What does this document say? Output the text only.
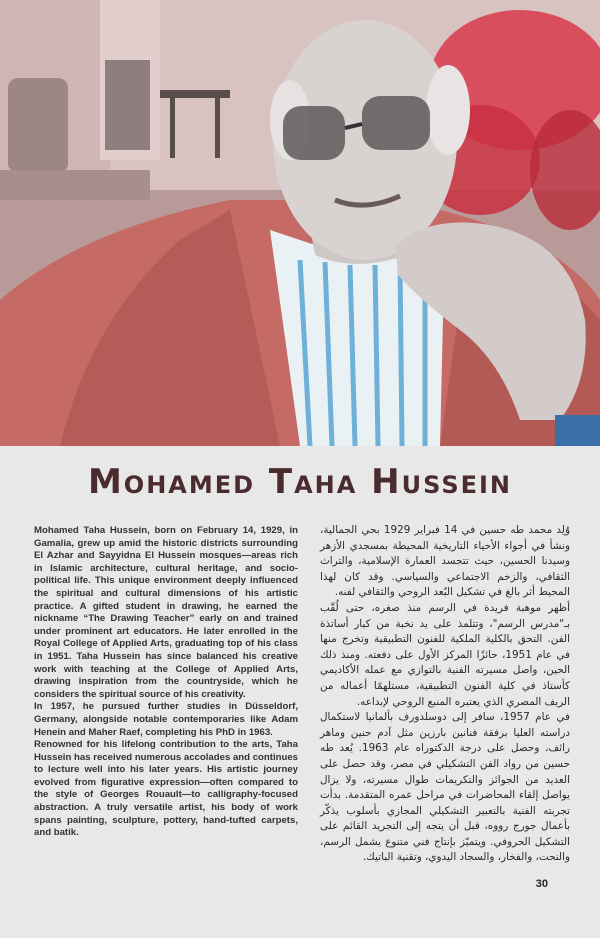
Mohamed Taha Hussein

Mohamed Taha Hussein, born on February 14, 1929, in Gamalia, grew up amid the historic districts surrounding El Azhar and Sayyidna El Hussein mosques—areas rich in Islamic architecture, cultural heritage, and socio-political life. This unique environment deeply influenced the spiritual and cultural dimensions of his artistic practice. A gifted student in drawing, he earned the nickname “The Drawing Teacher” early on and trained under prominent art educators. He later enrolled in the Royal College of Applied Arts, graduating top of his class in 1951. Taha Hussein has since balanced his creative work with teaching at the College of Applied Arts, drawing inspiration from the countryside, which he considers the spiritual source of his creativity.

In 1957, he pursued further studies in Düsseldorf, Germany, alongside notable contemporaries like Adam Henein and Maher Raef, completing his PhD in 1963.

Renowned for his lifelong contribution to the arts, Taha Hussein has received numerous accolades and continues to lecture well into his later years. His artistic journey evolved from figurative expression—often compared to the style of Georges Rouault—to calligraphy-focused abstraction. A truly versatile artist, his body of work spans painting, sculpture, pottery, hand-tufted carpets, and batik.

وُلِد محمد طه حسين في 14 فبراير 1929 بحي الجمالية، ونشأ في أجواء الأحياء التاريخية المحيطة بمسجدي الأزهر وسيدنا الحسين، حيث تتجسد العمارة الإسلامية، والتراث الثقافي، والزخم الاجتماعي والسياسي. وقد كان لهذا المحيط أثر بالغ في تشكيل البُعد الروحي والثقافي لفنه.

أظهر موهبة فريدة في الرسم منذ صغره، حتى لُقّب بـ"مدرس الرسم"، وتتلمذ على يد نخبة من كبار أساتذة الفن. التحق بالكلية الملكية للفنون التطبيقية وتخرج منها في عام 1951، حائزًا المركز الأول على دفعته. ومنذ ذلك الحين، واصل مسيرته الفنية بالتوازي مع عمله الأكاديمي كأستاذ في كلية الفنون التطبيقية، مستلهمًا أعماله من الريف المصري الذي يعتبره المنبع الروحي لإبداعه.

في عام 1957، سافر إلى دوسلدورف بألمانيا لاستكمال دراسته العليا برفقة فنانين بارزين مثل آدم حنين وماهر رائف، وحصل على درجة الدكتوراه عام 1963. يُعد طه حسين من رواد الفن التشكيلي في مصر، وقد حصل على العديد من الجوائز والتكريمات طوال مسيرته، ولا يزال يواصل إلقاء المحاضرات في مراحل عمره المتقدمة. بدأت تجربته الفنية بالتعبير التشكيلي المجازي بأسلوب يذكّر بأعمال جورج رووه، قبل أن يتجه إلى التجريد القائم على التشكيل الحروفي. ويتميّز بإنتاج فني متنوع يشمل الرسم، والنحت، والفخار، والسجاد اليدوي، وتقنية الباتيك.

30
